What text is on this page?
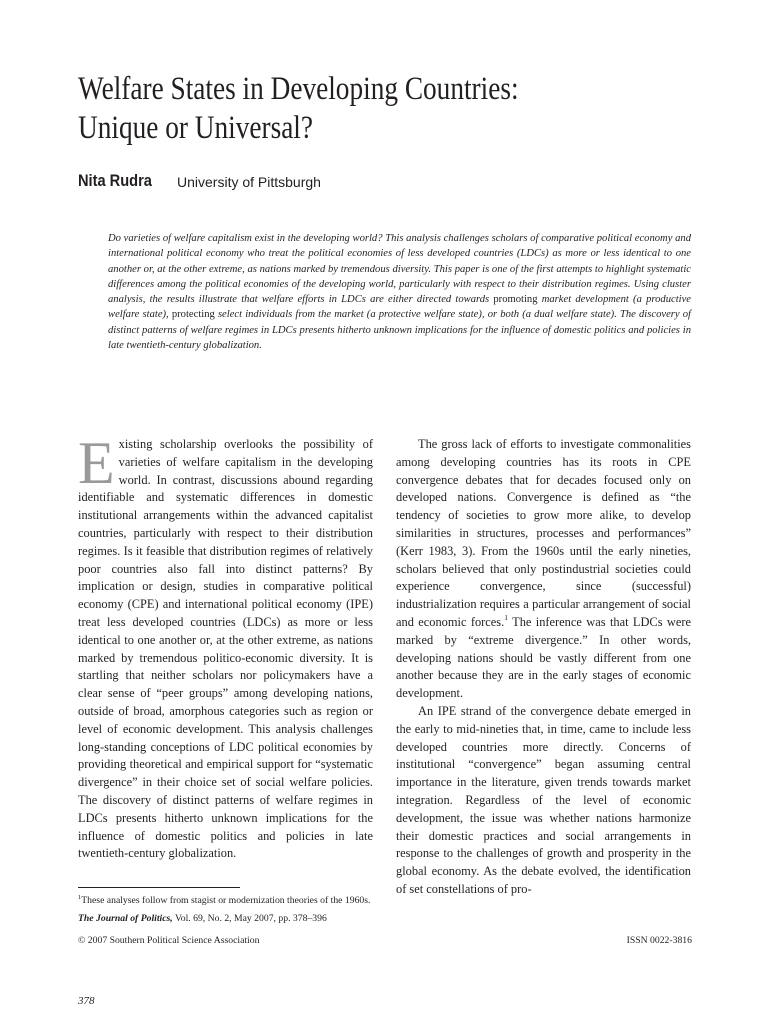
Welfare States in Developing Countries:
Unique or Universal?
Nita Rudra University of Pittsburgh

Do varieties of welfare capitalism exist in the developing world? This analysis challenges scholars of comparative political economy and international political economy who treat the political economies of less developed countries (LDCs) as more or less identical to one another or, at the other extreme, as nations marked by tremendous diversity. This paper is one of the first attempts to highlight systematic differences among the political economies of the developing world, particularly with respect to their distribution regimes. Using cluster analysis, the results illustrate that welfare efforts in LDCs are either directed towards promoting market development (a productive welfare state), protecting select individuals from the market (a protective welfare state), or both (a dual welfare state). The discovery of distinct patterns of welfare regimes in LDCs presents hitherto unknown implications for the influence of domestic politics and policies in late twentieth-century globalization.

Existing scholarship overlooks the possibility of varieties of welfare capitalism in the developing world. In contrast, discussions abound regarding identifiable and systematic differences in domestic institutional arrangements within the advanced capitalist countries, particularly with respect to their distribution regimes. Is it feasible that distribution regimes of relatively poor countries also fall into distinct patterns? By implication or design, studies in comparative political economy (CPE) and international political economy (IPE) treat less developed countries (LDCs) as more or less identical to one another or, at the other extreme, as nations marked by tremendous politico-economic diversity. It is startling that neither scholars nor policymakers have a clear sense of “peer groups” among developing nations, outside of broad, amorphous categories such as region or level of economic development. This analysis challenges long-standing conceptions of LDC political economies by providing theoretical and empirical support for “systematic divergence” in their choice set of social welfare policies. The discovery of distinct patterns of welfare regimes in LDCs presents hitherto unknown implications for the influence of domestic politics and policies in late twentieth-century globalization.

The gross lack of efforts to investigate commonalities among developing countries has its roots in CPE convergence debates that for decades focused only on developed nations. Convergence is defined as “the tendency of societies to grow more alike, to develop similarities in structures, processes and performances” (Kerr 1983, 3). From the 1960s until the early nineties, scholars believed that only postindustrial societies could experience convergence, since (successful) industrialization requires a particular arrangement of social and economic forces.$^1$ The inference was that LDCs were marked by “extreme divergence.” In other words, developing nations should be vastly different from one another because they are in the early stages of economic development.

An IPE strand of the convergence debate emerged in the early to mid-nineties that, in time, came to include less developed countries more directly. Concerns of institutional “convergence” began assuming central importance in the literature, given trends towards market integration. Regardless of the level of economic development, the issue was whether nations harmonize their domestic practices and social arrangements in response to the challenges of growth and prosperity in the global economy. As the debate evolved, the identification of set constellations of pro-

$^1$These analyses follow from stagist or modernization theories of the 1960s.
The Journal of Politics, Vol. 69, No. 2, May 2007, pp. 378–396
© 2007 Southern Political Science Association	ISSN 0022-3816
378
